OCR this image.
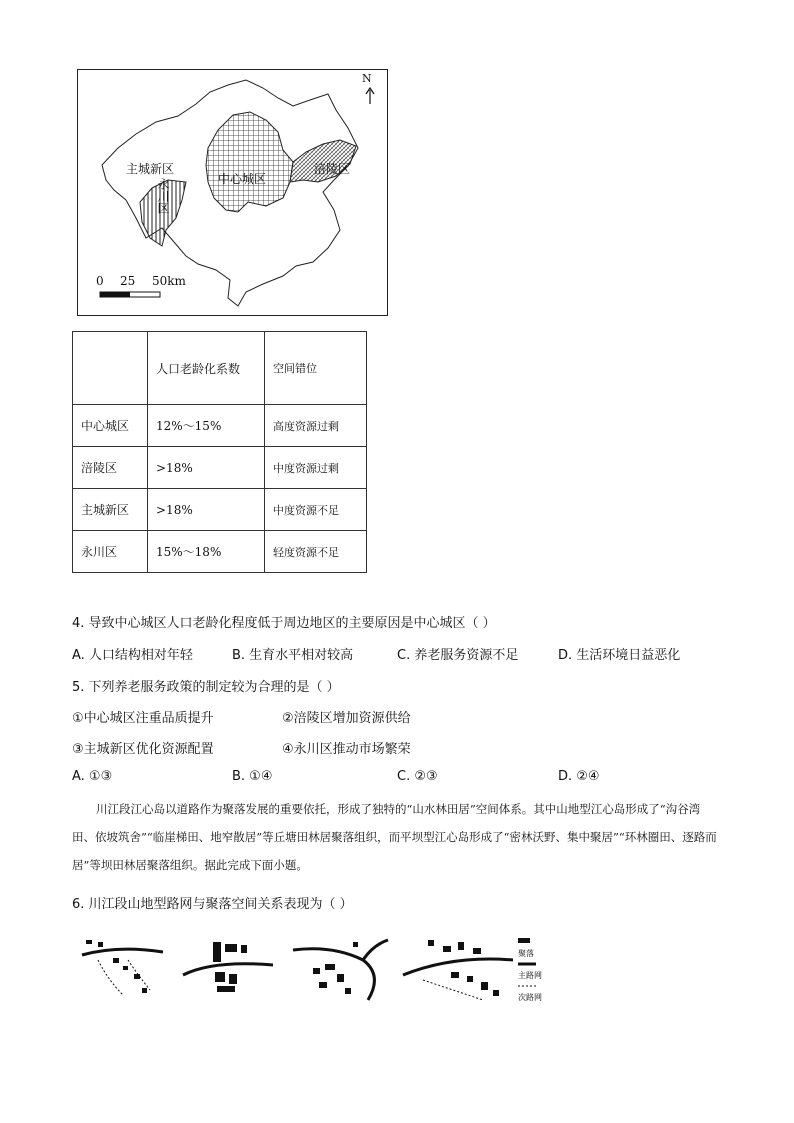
N
主城新区
永川区	中心城区
涪陵区
0 25 50km
	人口老龄化系数	空间错位
中心城区	12%～15%	高度资源过剩
涪陵区	>18%	中度资源过剩
主城新区	>18%	中度资源不足
永川区	15%～18%	轻度资源不足
4. 导致中心城区人口老龄化程度低于周边地区的主要原因是中心城区（ ）
A. 人口结构相对年轻	B. 生育水平相对较高	C. 养老服务资源不足	D. 生活环境日益恶化
5. 下列养老服务政策的制定较为合理的是（ ）
①中心城区注重品质提升	②涪陵区增加资源供给
③主城新区优化资源配置	④永川区推动市场繁荣
A. ①③	B. ①④	C. ②③	D. ②④
川江段江心岛以道路作为聚落发展的重要依托，形成了独特的“山水林田居”空间体系。其中山地型江心岛形成了“沟谷湾田、依坡筑舍”“临崖梯田、地窄散居”等丘塘田林居聚落组织，而平坝型江心岛形成了“密林沃野、集中聚居”“环林圈田、逐路而居”等坝田林居聚落组织。据此完成下面小题。
6. 川江段山地型路网与聚落空间关系表现为（ ）
聚落
主路网
次路网
